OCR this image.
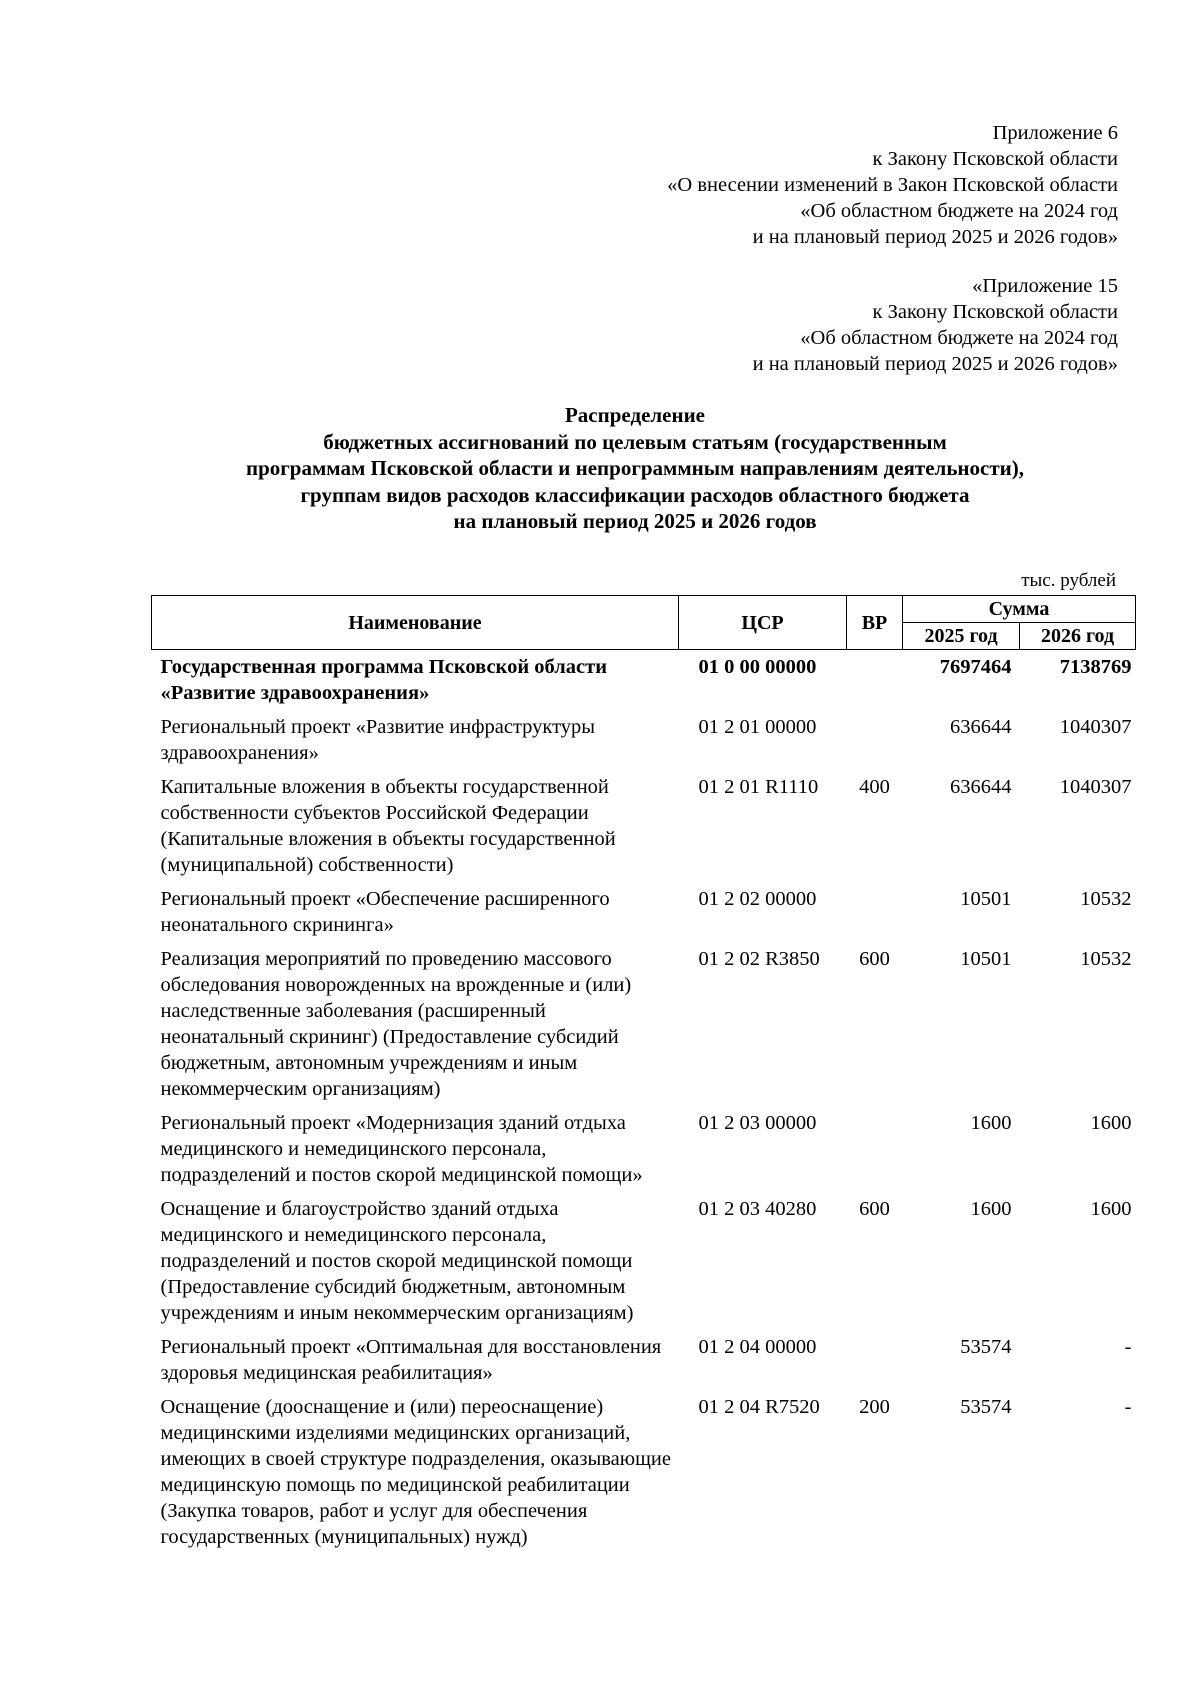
Приложение 6
к Закону Псковской области
«О внесении изменений в Закон Псковской области
«Об областном бюджете на 2024 год
и на плановый период 2025 и 2026 годов»
«Приложение 15
к Закону Псковской области
«Об областном бюджете на 2024 год
и на плановый период 2025 и 2026 годов»
Распределение
бюджетных ассигнований по целевым статьям (государственным
программам Псковской области и непрограммным направлениям деятельности),
группам видов расходов классификации расходов областного бюджета
на плановый период 2025 и 2026 годов
тыс. рублей
Наименование	ЦСР	ВР	Сумма	
			2025 год	2026 год
Государственная программа Псковской области «Развитие здравоохранения»	01 0 00 00000		7697464	7138769
Региональный проект «Развитие инфраструктуры здравоохранения»	01 2 01 00000		636644	1040307
Капитальные вложения в объекты государственной собственности субъектов Российской Федерации (Капитальные вложения в объекты государственной (муниципальной) собственности)	01 2 01 R1110	400	636644	1040307
Региональный проект «Обеспечение расширенного неонатального скрининга»	01 2 02 00000		10501	10532
Реализация мероприятий по проведению массового обследования новорожденных на врожденные и (или) наследственные заболевания (расширенный неонатальный скрининг) (Предоставление субсидий бюджетным, автономным учреждениям и иным некоммерческим организациям)	01 2 02 R3850	600	10501	10532
Региональный проект «Модернизация зданий отдыха медицинского и немедицинского персонала, подразделений и постов скорой медицинской помощи»	01 2 03 00000		1600	1600
Оснащение и благоустройство зданий отдыха медицинского и немедицинского персонала, подразделений и постов скорой медицинской помощи (Предоставление субсидий бюджетным, автономным учреждениям и иным некоммерческим организациям)	01 2 03 40280	600	1600	1600
Региональный проект «Оптимальная для восстановления здоровья медицинская реабилитация»	01 2 04 00000		53574	-
Оснащение (дооснащение и (или) переоснащение) медицинскими изделиями медицинских организаций, имеющих в своей структуре подразделения, оказывающие медицинскую помощь по медицинской реабилитации (Закупка товаров, работ и услуг для обеспечения государственных (муниципальных) нужд)	01 2 04 R7520	200	53574	-
